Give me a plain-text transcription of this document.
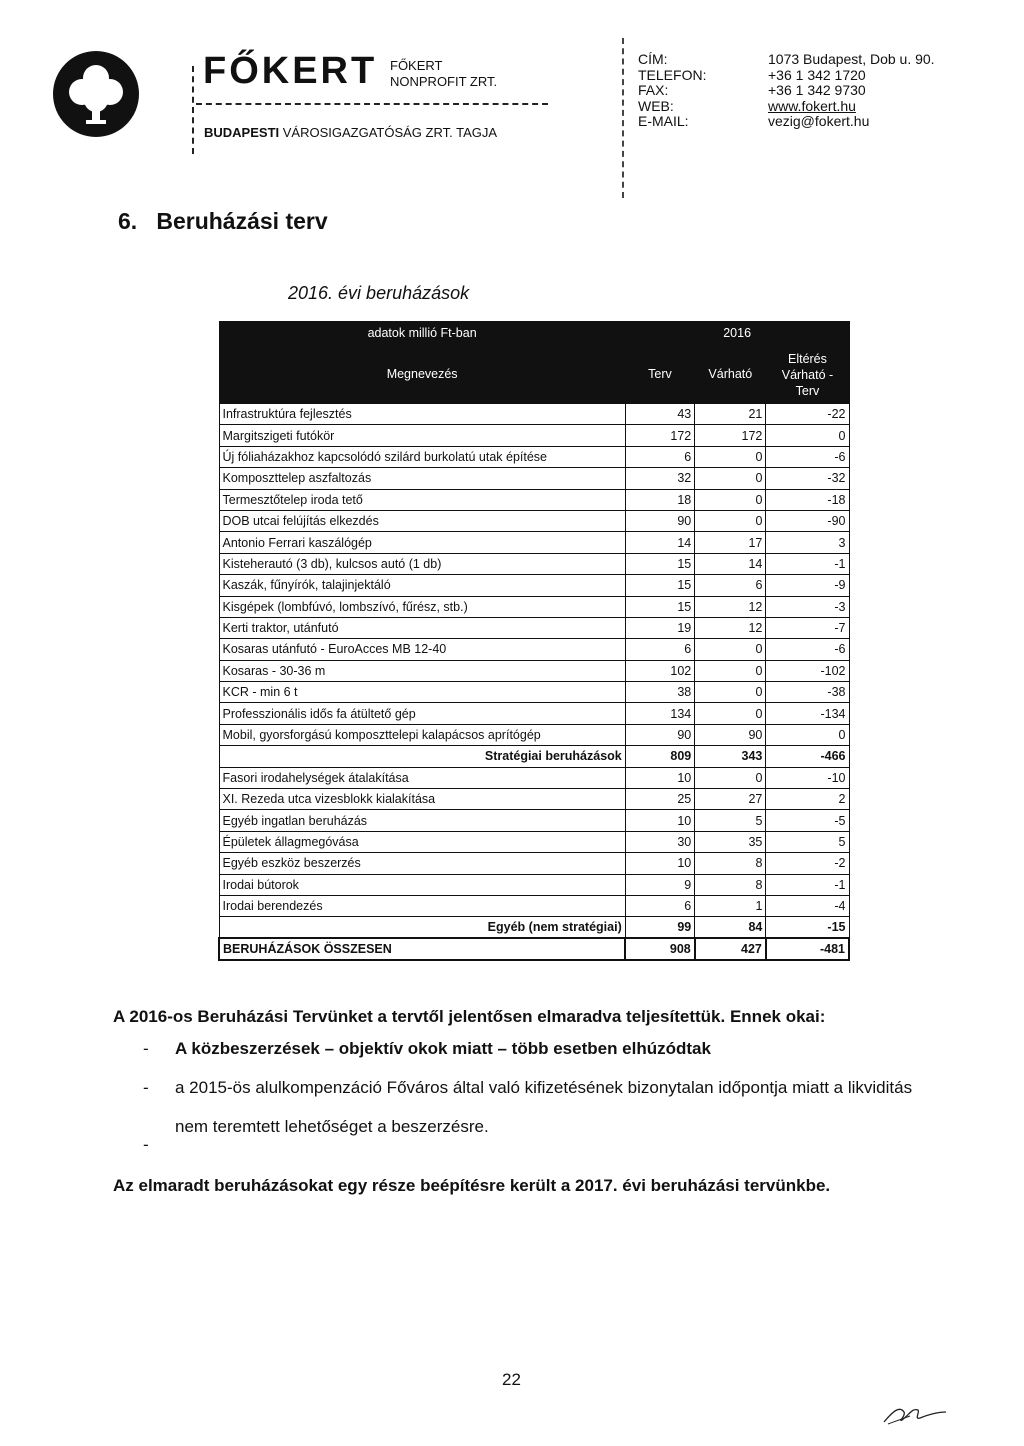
FŐKERT FŐKERT
NONPROFIT ZRT.
BUDAPESTI VÁROSIGAZGATÓSÁG ZRT. TAGJA
CÍM:	1073 Budapest, Dob u. 90.
TELEFON:	+36 1 342 1720
FAX:	+36 1 342 9730
WEB:	www.fokert.hu
E-MAIL:	vezig@fokert.hu
6. Beruházási terv
2016. évi beruházások
adatok millió Ft-ban	2016		
Megnevezés	Terv	Várható	Eltérés Várható - Terv
Infrastruktúra fejlesztés	43	21	-22
Margitszigeti futókör	172	172	0
Új fóliaházakhoz kapcsolódó szilárd burkolatú utak építése	6	0	-6
Komposzttelep aszfaltozás	32	0	-32
Termesztőtelep iroda tető	18	0	-18
DOB utcai felújítás elkezdés	90	0	-90
Antonio Ferrari kaszálógép	14	17	3
Kisteherautó (3 db), kulcsos autó (1 db)	15	14	-1
Kaszák, fűnyírók, talajinjektáló	15	6	-9
Kisgépek (lombfúvó, lombszívó, fűrész, stb.)	15	12	-3
Kerti traktor, utánfutó	19	12	-7
Kosaras utánfutó - EuroAcces MB 12-40	6	0	-6
Kosaras - 30-36 m	102	0	-102
KCR - min 6 t	38	0	-38
Professzionális idős fa átültető gép	134	0	-134
Mobil, gyorsforgású komposzttelepi kalapácsos aprítógép	90	90	0
Stratégiai beruházások	809	343	-466
Fasori irodahelységek átalakítása	10	0	-10
XI. Rezeda utca vizesblokk kialakítása	25	27	2
Egyéb ingatlan beruházás	10	5	-5
Épületek állagmegóvása	30	35	5
Egyéb eszköz beszerzés	10	8	-2
Irodai bútorok	9	8	-1
Irodai berendezés	6	1	-4
Egyéb (nem stratégiai)	99	84	-15
BERUHÁZÁSOK ÖSSZESEN	908	427	-481
A 2016-os Beruházási Tervünket a tervtől jelentősen elmaradva teljesítettük. Ennek okai:
- A közbeszerzések – objektív okok miatt – több esetben elhúzódtak
- a 2015-ös alulkompenzáció Főváros által való kifizetésének bizonytalan időpontja miatt a likviditás nem teremtett lehetőséget a beszerzésre.
-
Az elmaradt beruházásokat egy része beépítésre került a 2017. évi beruházási tervünkbe.
22
